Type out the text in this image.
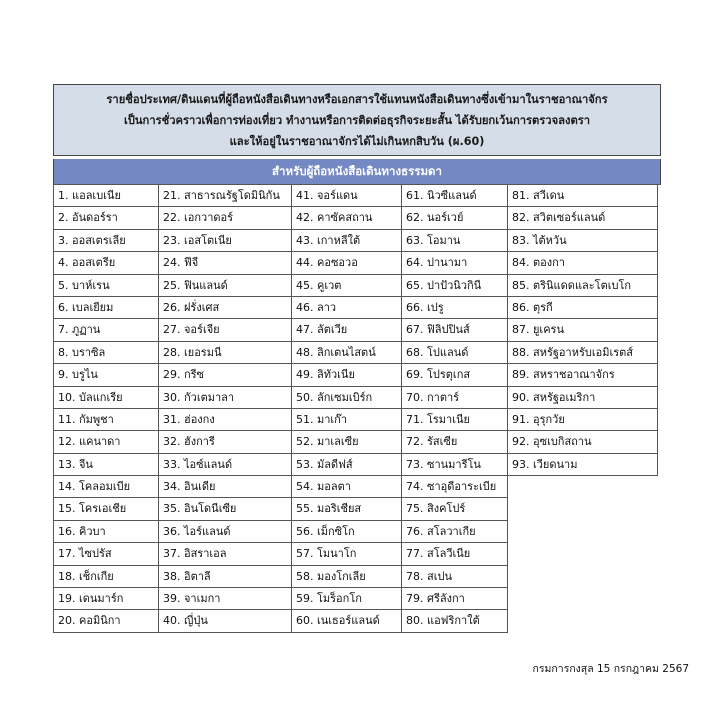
รายชื่อประเทศ/ดินแดนที่ผู้ถือหนังสือเดินทางหรือเอกสารใช้แทนหนังสือเดินทางซึ่งเข้ามาในราชอาณาจักร
เป็นการชั่วคราวเพื่อการท่องเที่ยว ทำงานหรือการติดต่อธุรกิจระยะสั้น ได้รับยกเว้นการตรวจลงตรา
และให้อยู่ในราชอาณาจักรได้ไม่เกินหกสิบวัน (ผ.60)
สำหรับผู้ถือหนังสือเดินทางธรรมดา
1. แอลเบเนีย	21. สาธารณรัฐโดมินิกัน	41. จอร์แดน	61. นิวซีแลนด์	81. สวีเดน
2. อันดอร์รา	22. เอกวาดอร์	42. คาซัคสถาน	62. นอร์เวย์	82. สวิตเซอร์แลนด์
3. ออสเตรเลีย	23. เอสโตเนีย	43. เกาหลีใต้	63. โอมาน	83. ไต้หวัน
4. ออสเตรีย	24. ฟีจี	44. คอซอวอ	64. ปานามา	84. ตองกา
5. บาห์เรน	25. ฟินแลนด์	45. คูเวต	65. ปาปัวนิวกินี	85. ตรินิแดดและโตเบโก
6. เบลเยียม	26. ฝรั่งเศส	46. ลาว	66. เปรู	86. ตุรกี
7. ภูฏาน	27. จอร์เจีย	47. ลัตเวีย	67. ฟิลิปปินส์	87. ยูเครน
8. บราซิล	28. เยอรมนี	48. ลิกเตนไสตน์	68. โปแลนด์	88. สหรัฐอาหรับเอมิเรตส์
9. บรูไน	29. กรีซ	49. ลิทัวเนีย	69. โปรตุเกส	89. สหราชอาณาจักร
10. บัลแกเรีย	30. กัวเตมาลา	50. ลักเซมเบิร์ก	70. กาตาร์	90. สหรัฐอเมริกา
11. กัมพูชา	31. ฮ่องกง	51. มาเก๊า	71. โรมาเนีย	91. อุรุกวัย
12. แคนาดา	32. ฮังการี	52. มาเลเซีย	72. รัสเซีย	92. อุซเบกิสถาน
13. จีน	33. ไอซ์แลนด์	53. มัลดีฟส์	73. ซานมารีโน	93. เวียดนาม
14. โคลอมเบีย	34. อินเดีย	54. มอลตา	74. ซาอุดีอาระเบีย
15. โครเอเชีย	35. อินโดนีเซีย	55. มอริเชียส	75. สิงคโปร์
16. คิวบา	36. ไอร์แลนด์	56. เม็กซิโก	76. สโลวาเกีย
17. ไซปรัส	37. อิสราเอล	57. โมนาโก	77. สโลวีเนีย
18. เช็กเกีย	38. อิตาลี	58. มองโกเลีย	78. สเปน
19. เดนมาร์ก	39. จาเมกา	59. โมร็อกโก	79. ศรีลังกา
20. คอมินิกา	40. ญี่ปุ่น	60. เนเธอร์แลนด์	80. แอฟริกาใต้
กรมการกงสุล 15 กรกฎาคม 2567
